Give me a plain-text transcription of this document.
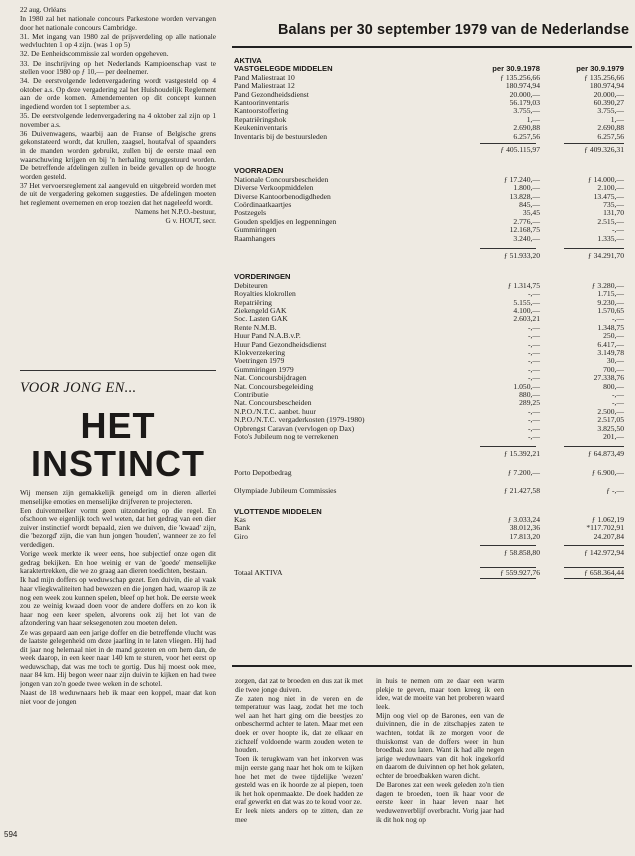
22 aug. Orléans

In 1980 zal het nationale concours Parkestone worden vervangen door het nationale concours Cambridge.

31. Met ingang van 1980 zal de prijsverdeling op alle nationale wedvluchten 1 op 4 zijn. (was 1 op 5)

32. De Eenheidscommissie zal worden opgeheven.

33. De inschrijving op het Nederlands Kampioenschap vast te stellen voor 1980 op ƒ 10,— per deelnemer.

34. De eerstvolgende ledenvergadering wordt vastgesteld op 4 oktober a.s. Op deze vergadering zal het Huishoudelijk Reglement aan de orde komen. Amendementen op dit concept kunnen ingediend worden tot 1 september a.s.

35. De eerstvolgende ledenvergadering na 4 oktober zal zijn op 1 november a.s.

36 Duivenwagens, waarbij aan de Franse of Belgische grens gekonstateerd wordt, dat krullen, zaagsel, houtafval of spaanders in de manden worden gebruikt, zullen bij de eerste maal een waarschuwing krijgen en bij 'n herhaling teruggestuurd worden. De betreffende afdelingen zullen in beide gevallen op de hoogte worden gesteld.

37 Het vervoersreglement zal aangevuld en uitgebreid worden met de uit de vergadering gekomen suggesties. De afdelingen moeten het reglement overnemen en erop toezien dat het nageleefd wordt.

Namens het N.P.O.-bestuur,

G v. HOUT, secr.

VOOR JONG EN...
HET
INSTINCT

Wij mensen zijn gemakkelijk geneigd om in dieren allerlei menselijke emoties en menselijke drijfveren te projecteren.

Een duivenmelker vormt geen uitzondering op die regel. En ofschoon we eigenlijk toch wel weten, dat het gedrag van een dier zuiver instinctief wordt bepaald, zien we duiven, die 'kwaad' zijn, die 'bezorgd' zijn, die van hun jongen 'houden', wanneer ze zo fel verdedigen.

Vorige week merkte ik weer eens, hoe subjectief onze ogen dit gedrag bekijken. En hoe weinig er van de 'goede' menselijke karaktertrekken, die we zo graag aan dieren toedichten, bestaan.

Ik had mijn doffers op weduwschap gezet. Een duivin, die al vaak haar vliegkwaliteiten had bewezen en die jongen had, waarop ik ze nog een week zou kunnen spelen, bleef op het hok. De eerste week zou ze weinig kwaad doen voor de andere doffers en zo kon ik haar nog een keer spelen, alvorens ook zij het lot van de afzondering van haar seksegenoten zou moeten delen.

Ze was gepaard aan een jarige doffer en die betreffende vlucht was de laatste gelegenheid om deze jaarling in te laten vliegen. Hij had dit jaar nog helemaal niet in de mand gezeten en om hem dan, de week daarop, in een keer naar 140 km te sturen, voor het eerst op weduwschap, dat was me toch te gortig. Dus hij moest ook mee, naar 84 km. Hij begon weer naar zijn duivin te kijken en had twee jongen van zo'n goede twee weken in de schotel.

Naast de 18 weduwnaars heb ik maar een koppel, maar dat kon niet voor de jongen

594
Balans per 30 september 1979 van de Nederlandse
AKTIVA
VASTGELEGDE MIDDELEN	per 30.9.1978	per 30.9.1979
Pand Maliestraat 10	ƒ 135.256,66	ƒ 135.256,66
Pand Maliestraat 12	180.974,94	180.974,94
Pand Gezondheidsdienst	20.000,—	20.000,—
Kantoorinventaris	56.179,03	60.390,27
Kantoorstoffering	3.755,—	3.755,—
Repatriëringshok	1,—	1,—
Keukeninventaris	2.690,88	2.690,88
Inventaris bij de bestuursleden	6.257,56	6.257,56
ƒ 405.115,97	ƒ 409.326,31
VOORRADEN
Nationale Concoursbescheiden	ƒ 17.240,—	ƒ 14.000,—
Diverse Verkoopmiddelen	1.800,—	2.100,—
Diverse Kantoorbenodigdheden	13.828,—	13.475,—
Coördinaatkaartjes	845,—	735,—
Postzegels	35,45	131,70
Gouden speldjes en legpenningen	2.776,—	2.515,—
Gummiringen	12.168,75	-,—
Raamhangers	3.240,—	1.335,—
ƒ 51.933,20	ƒ 34.291,70
VORDERINGEN
Debiteuren	ƒ 1.314,75	ƒ 3.280,—
Royalties klokrollen	-,—	1.715,—
Repatriëring	5.155,—	9.230,—
Ziekengeld GAK	4.100,—	1.570,65
Soc. Lasten GAK	2.603,21	-,—
Rente N.M.B.	-,—	1.348,75
Huur Pand N.A.B.v.P.	-,—	250,—
Huur Pand Gezondheidsdienst	-,—	6.417,—
Klokverzekering	-,—	3.149,78
Voetringen 1979	-,—	30,—
Gummiringen 1979	-,—	700,—
Nat. Concoursbijdragen	-,—	27.338,76
Nat. Concoursbegeleiding	1.050,—	800,—
Contributie	880,—	-,—
Nat. Concoursbescheiden	289,25	-,—
N.P.O./N.T.C. aanbet. huur	-,—	2.500,—
N.P.O./N.T.C. vergaderkosten (1979-1980)	-,—	2.517,05
Opbrengst Caravan (vervlogen op Dax)	-,—	3.825,50
Foto's Jubileum nog te verrekenen	-,—	201,—
ƒ 15.392,21	ƒ 64.873,49
Porto Depotbedrag	ƒ 7.200,—	ƒ 6.900,—
Olympiade Jubileum Commissies	ƒ 21.427,58	ƒ -,—
VLOTTENDE MIDDELEN
Kas	ƒ 3.033,24	ƒ 1.062,19
Bank	38.012,36	*117.702,91
Giro	17.813,20	24.207,84
ƒ 58.858,80	ƒ 142.972,94
Totaal AKTIVA	ƒ 559.927,76	ƒ 658.364,44

zorgen, dat zat te broeden en dus zat ik met die twee jonge duiven.

Ze zaten nog niet in de veren en de temperatuur was laag, zodat het me toch wel aan het hart ging om die beestjes zo onbeschermd achter te laten. Maar met een doek er over hoopte ik, dat ze elkaar en zichzelf voldoende warm zouden weten te houden.

Toen ik terugkwam van het inkorven was mijn eerste gang naar het hok om te kijken hoe het met de twee tijdelijke 'wezen' gesteld was en ik hoorde ze al piepen, toen ik het hok openmaakte. De doek hadden ze eraf gewerkt en dat was zo te koud voor ze.

Er leek niets anders op te zitten, dan ze mee

in huis te nemen om ze daar een warm plekje te geven, maar toen kreeg ik een idee, wat de moeite van het proberen waard leek.

Mijn oog viel op de Barones, een van de duivinnen, die in de zitschapjes zaten te wachten, totdat ik ze morgen voor de thuiskomst van de doffers weer in hun broedbak zou laten. Want ik had alle negen jarige weduwnaars van dit hok ingekorfd en daarom de duivinnen op het hok gelaten, echter de broedbakken waren dicht.

De Barones zat een week geleden zo'n tien dagen te broeden, toen ik haar voor de eerste keer in haar leven naar het weduwenverblijf overbracht. Vorig jaar had ik dit hok nog op
